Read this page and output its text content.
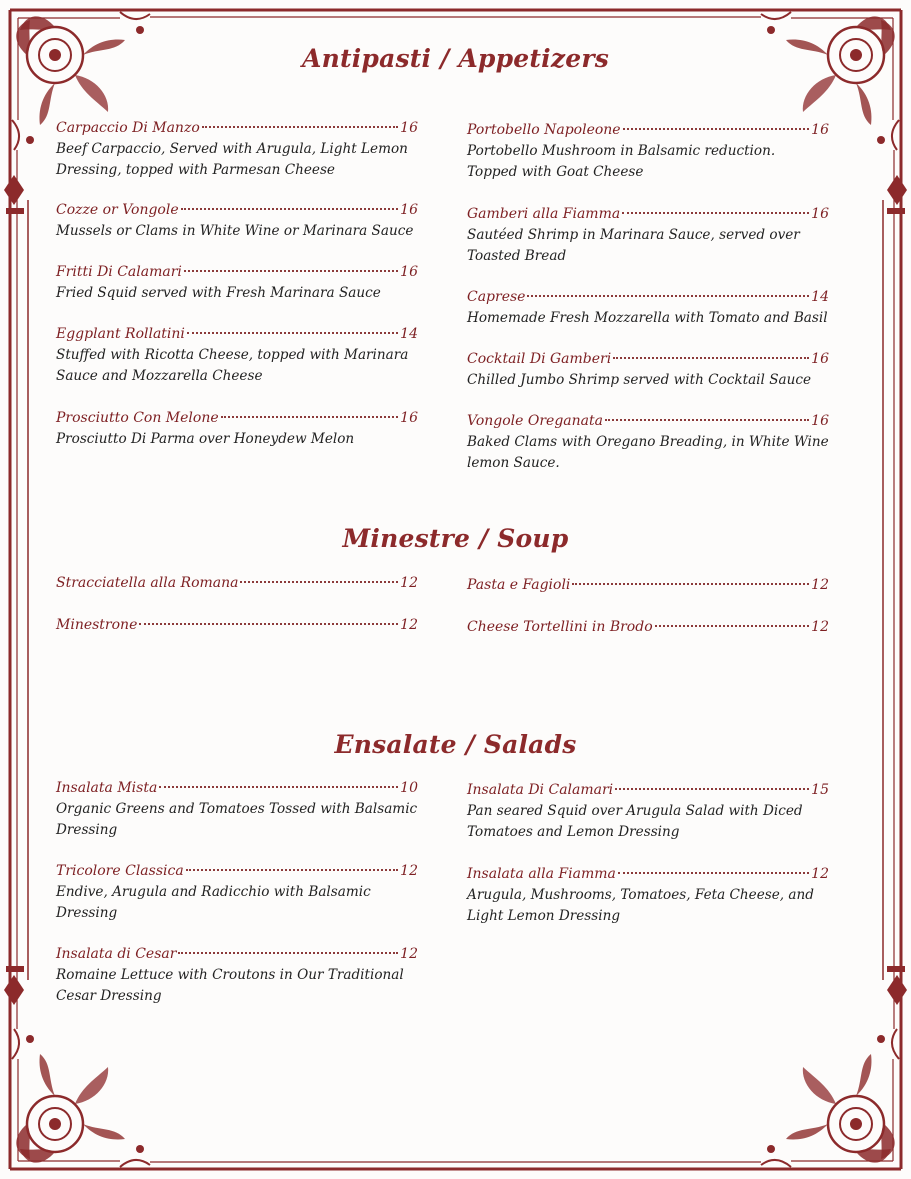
Antipasti / Appetizers
Carpaccio Di Manzo	16
Beef Carpaccio, Served with Arugula, Light Lemon Dressing, topped with Parmesan Cheese
Cozze or Vongole	16
Mussels or Clams in White Wine or Marinara Sauce
Fritti Di Calamari	16
Fried Squid served with Fresh Marinara Sauce
Eggplant Rollatini	14
Stuffed with Ricotta Cheese, topped with Marinara Sauce and Mozzarella Cheese
Prosciutto Con Melone	16
Prosciutto Di Parma over Honeydew Melon
Portobello Napoleone	16
Portobello Mushroom in Balsamic reduction. Topped with Goat Cheese
Gamberi alla Fiamma	16
Sautéed Shrimp in Marinara Sauce, served over Toasted Bread
Caprese	14
Homemade Fresh Mozzarella with Tomato and Basil
Cocktail Di Gamberi	16
Chilled Jumbo Shrimp served with Cocktail Sauce
Vongole Oreganata	16
Baked Clams with Oregano Breading, in White Wine lemon Sauce.
Minestre / Soup
Stracciatella alla Romana	12
Minestrone	12
Pasta e Fagioli	12
Cheese Tortellini in Brodo	12
Ensalate / Salads
Insalata Mista	10
Organic Greens and Tomatoes Tossed with Balsamic Dressing
Tricolore Classica	12
Endive, Arugula and Radicchio with Balsamic Dressing
Insalata di Cesar	12
Romaine Lettuce with Croutons in Our Traditional Cesar Dressing
Insalata Di Calamari	15
Pan seared Squid over Arugula Salad with Diced Tomatoes and Lemon Dressing
Insalata alla Fiamma	12
Arugula, Mushrooms, Tomatoes, Feta Cheese, and Light Lemon Dressing
